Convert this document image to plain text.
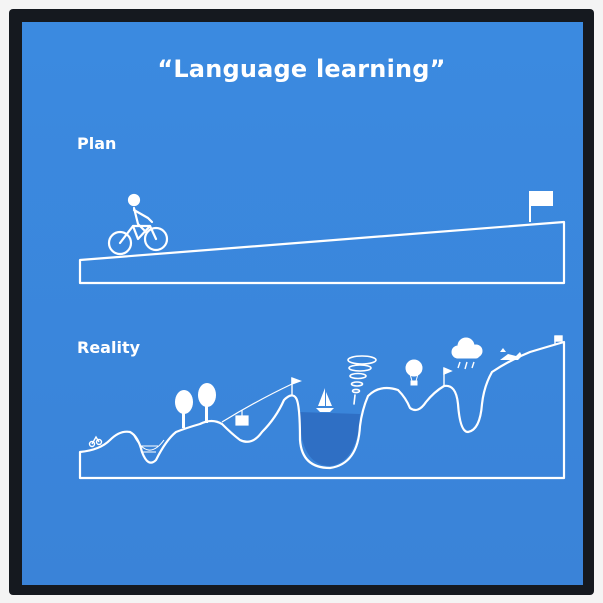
“Language learning”
Plan
Reality
